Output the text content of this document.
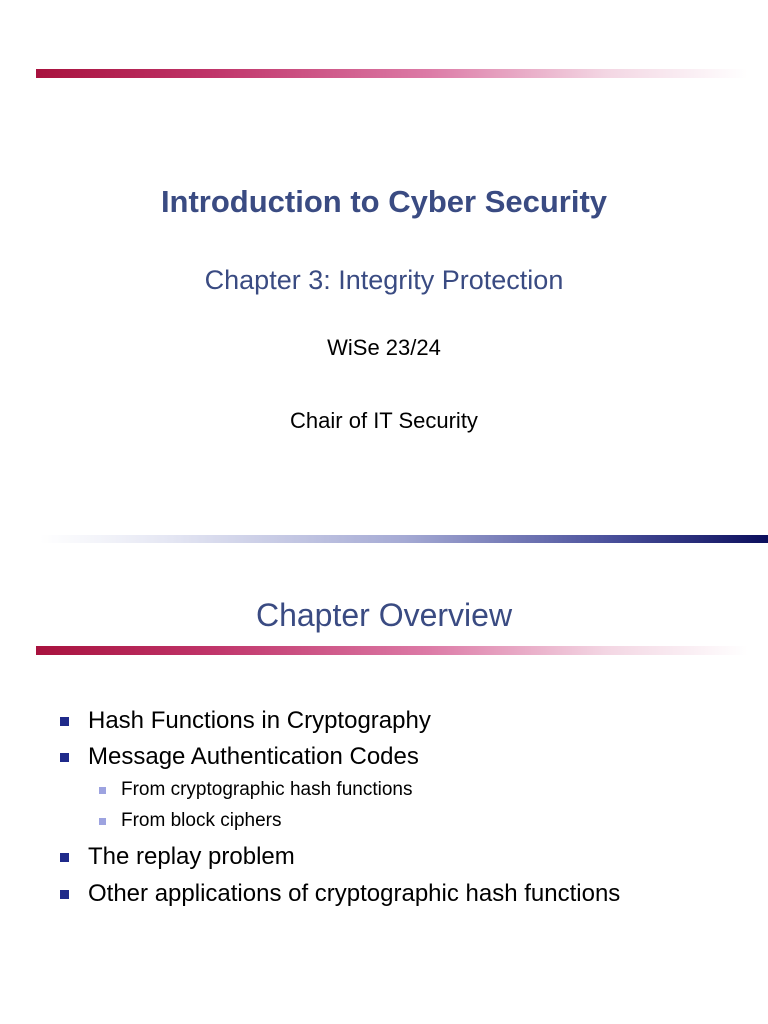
Introduction to Cyber Security
Chapter 3: Integrity Protection
WiSe 23/24
Chair of IT Security
Chapter Overview
Hash Functions in Cryptography
Message Authentication Codes
From cryptographic hash functions
From block ciphers
The replay problem
Other applications of cryptographic hash functions
